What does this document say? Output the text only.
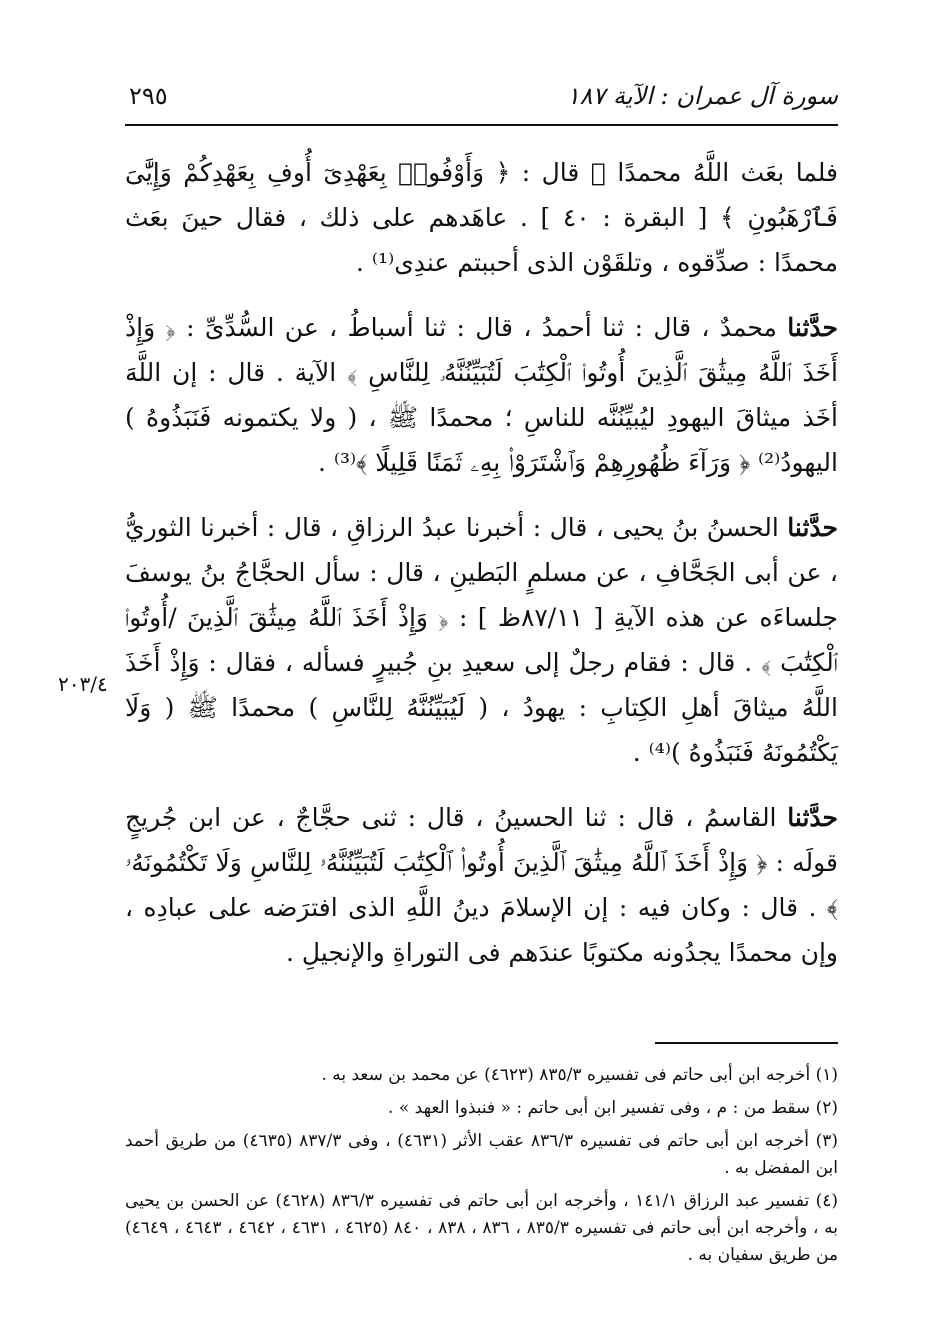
سورة آل عمران : الآية ١٨٧
٢٩٥

فلما بعَث اللَّهُ محمدًا ﷺ قال : ﴿ وَأَوْفُوا۟ بِعَهْدِىٓ أُوفِ بِعَهْدِكُمْ وَإِيَّٰىَ فَٱرْهَبُونِ ﴾ [ البقرة : ٤٠ ] . عاهَدهم على ذلك ، فقال حينَ بعَث محمدًا : صدِّقوه ، وتلقَوْن الذى أحببتم عندِى⁽¹⁾ .

حدَّثنا محمدٌ ، قال : ثنا أحمدُ ، قال : ثنا أسباطُ ، عن السُّدِّىِّ : ﴿ وَإِذْ أَخَذَ ٱللَّهُ مِيثَٰقَ ٱلَّذِينَ أُوتُوا۟ ٱلْكِتَٰبَ لَتُبَيِّنُنَّهُۥ لِلنَّاسِ ﴾ الآية . قال : إن اللَّهَ أخَذ ميثاقَ اليهودِ ليُبيِّنُنَّه للناسِ ؛ محمدًا ﷺ ، ( ولا يكتمونه فَنَبَذُوهُ ) اليهودُ⁽²⁾ ﴿ وَرَآءَ ظُهُورِهِمْ وَٱشْتَرَوْا۟ بِهِۦ ثَمَنًا قَلِيلًا ﴾⁽³⁾ .

حدَّثنا الحسنُ بنُ يحيى ، قال : أخبرنا عبدُ الرزاقِ ، قال : أخبرنا الثوريُّ ، عن أبى الجَحَّافِ ، عن مسلمٍ البَطينِ ، قال : سأل الحجَّاجُ بنُ يوسفَ جلساءَه عن هذه الآيةِ [ ٨٧/١١ظ ] : ﴿ وَإِذْ أَخَذَ ٱللَّهُ مِيثَٰقَ ٱلَّذِينَ /أُوتُوا۟ ٱلْكِتَٰبَ ﴾ . قال : فقام رجلٌ إلى سعيدِ بنِ جُبيرٍ فسأله ، فقال : وَإِذْ أَخَذَ اللَّهُ ميثاقَ أهلِ الكِتابِ : يهودُ ، ( لَيُبَيِّنُنَّهُ لِلنَّاسِ ) محمدًا ﷺ ( وَلَا يَكْتُمُونَهُ فَنَبَذُوهُ )⁽⁴⁾ .

حدَّثنا القاسمُ ، قال : ثنا الحسينُ ، قال : ثنى حجَّاجٌ ، عن ابن جُريجٍ قولَه : ﴿ وَإِذْ أَخَذَ ٱللَّهُ مِيثَٰقَ ٱلَّذِينَ أُوتُوا۟ ٱلْكِتَٰبَ لَتُبَيِّنُنَّهُۥ لِلنَّاسِ وَلَا تَكْتُمُونَهُۥ ﴾ . قال : وكان فيه : إن الإسلامَ دينُ اللَّهِ الذى افترَضه على عبادِه ، وإن محمدًا يجدُونه مكتوبًا عندَهم فى التوراةِ والإنجيلِ .

٢٠٣/٤

(١) أخرجه ابن أبى حاتم فى تفسيره ٨٣٥/٣ (٤٦٢٣) عن محمد بن سعد به .

(٢) سقط من : م ، وفى تفسير ابن أبى حاتم : « فنبذوا العهد » .

(٣) أخرجه ابن أبى حاتم فى تفسيره ٨٣٦/٣ عقب الأثر (٤٦٣١) ، وفى ٨٣٧/٣ (٤٦٣٥) من طريق أحمد ابن المفضل به .

(٤) تفسير عبد الرزاق ١٤١/١ ، وأخرجه ابن أبى حاتم فى تفسيره ٨٣٦/٣ (٤٦٢٨) عن الحسن بن يحيى به ، وأخرجه ابن أبى حاتم فى تفسيره ٨٣٥/٣ ، ٨٣٦ ، ٨٣٨ ، ٨٤٠ (٤٦٢٥ ، ٤٦٣١ ، ٤٦٤٢ ، ٤٦٤٣ ، ٤٦٤٩) من طريق سفيان به .
